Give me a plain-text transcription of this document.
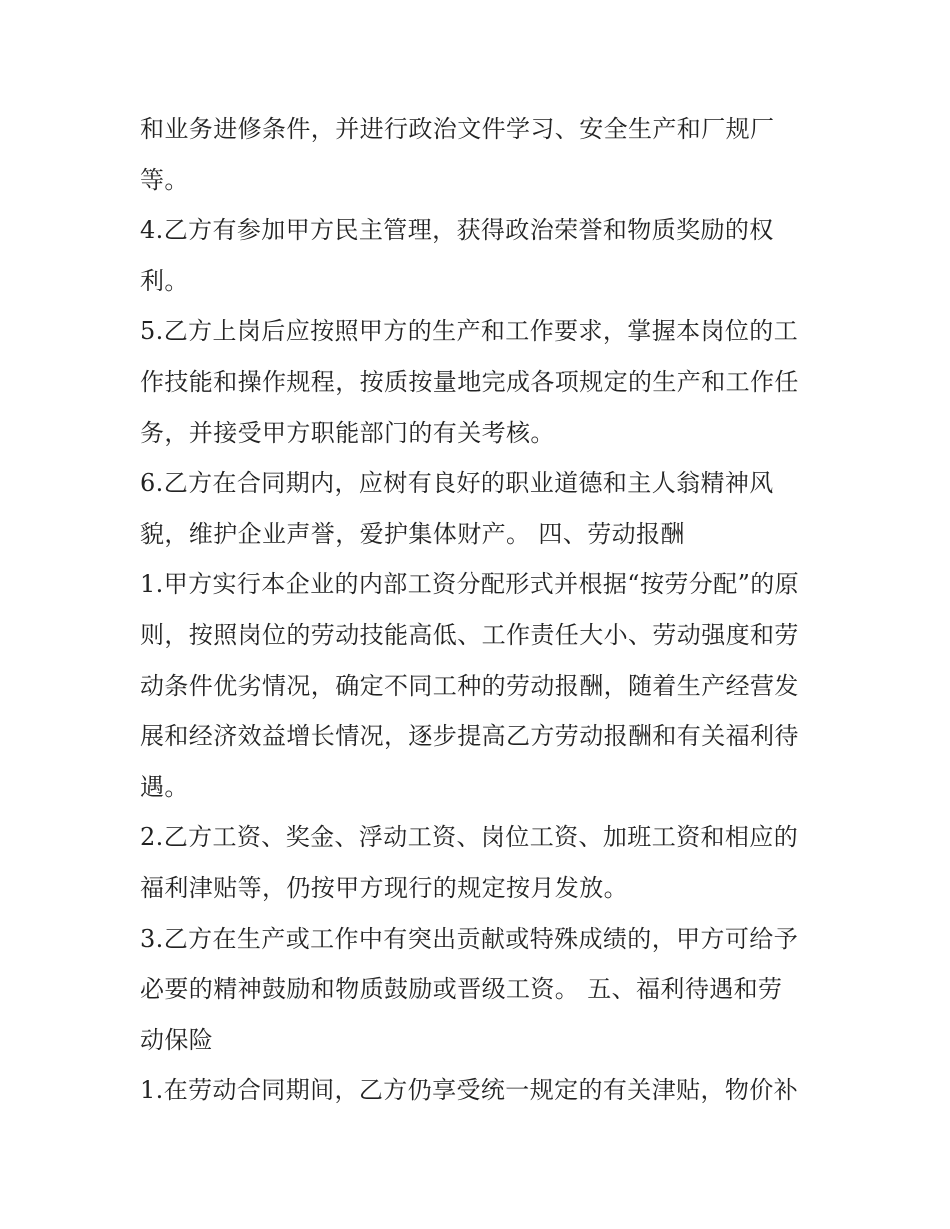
和业务进修条件，并进行政治文件学习、安全生产和厂规厂
等。
4.乙方有参加甲方民主管理，获得政治荣誉和物质奖励的权
利。
5.乙方上岗后应按照甲方的生产和工作要求，掌握本岗位的工
作技能和操作规程，按质按量地完成各项规定的生产和工作任
务，并接受甲方职能部门的有关考核。
6.乙方在合同期内，应树有良好的职业道德和主人翁精神风
貌，维护企业声誉，爱护集体财产。 四、劳动报酬
1.甲方实行本企业的内部工资分配形式并根据“按劳分配”的原
则，按照岗位的劳动技能高低、工作责任大小、劳动强度和劳
动条件优劣情况，确定不同工种的劳动报酬，随着生产经营发
展和经济效益增长情况，逐步提高乙方劳动报酬和有关福利待
遇。
2.乙方工资、奖金、浮动工资、岗位工资、加班工资和相应的
福利津贴等，仍按甲方现行的规定按月发放。
3.乙方在生产或工作中有突出贡献或特殊成绩的，甲方可给予
必要的精神鼓励和物质鼓励或晋级工资。 五、福利待遇和劳
动保险
1.在劳动合同期间，乙方仍享受统一规定的有关津贴，物价补
